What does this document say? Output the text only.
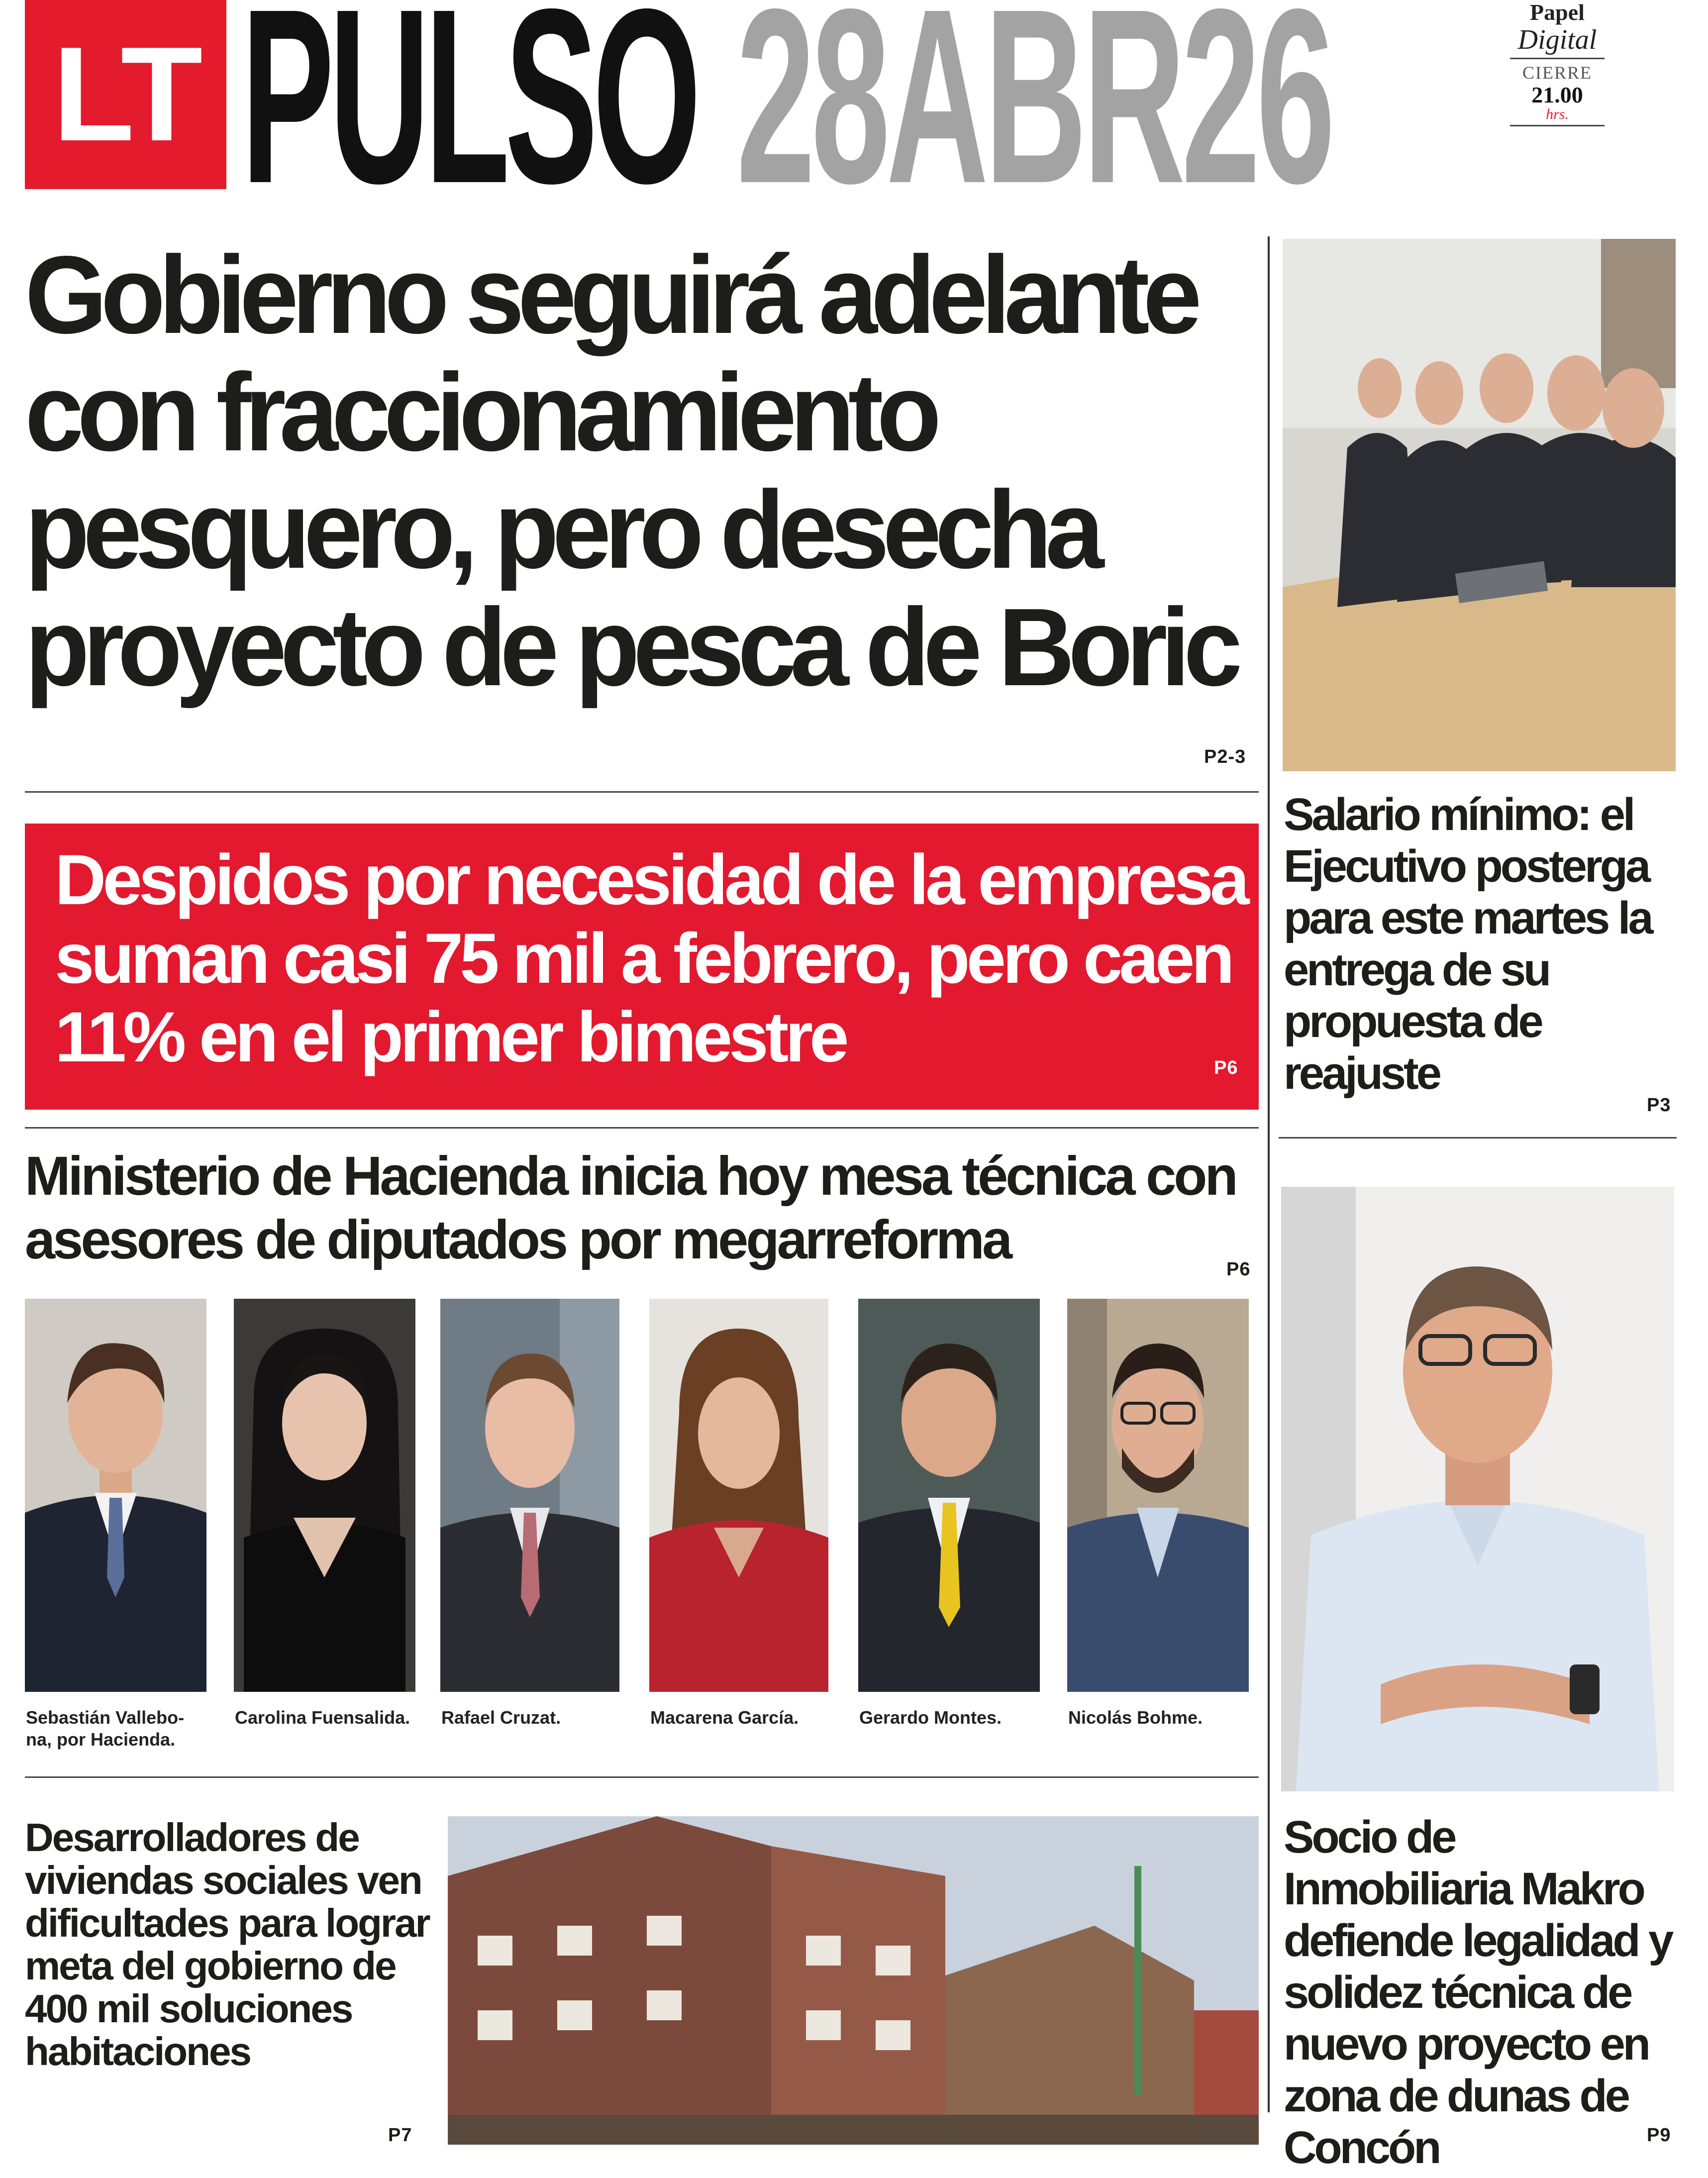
LT PULSO 28ABR26	Papel
Digital
CIERRE
21.00
hrs.
Gobierno seguirá adelante con fraccionamiento pesquero, pero desecha proyecto de pesca de Boric
P2-3
Despidos por necesidad de la empresa suman casi 75 mil a febrero, pero caen 11% en el primer bimestre	P6
Ministerio de Hacienda inicia hoy mesa técnica con asesores de diputados por megarreforma	P6
Sebastián Vallebo-
na, por Hacienda.
Carolina Fuensalida.	Rafael Cruzat.	Macarena García.	Gerardo Montes.	Nicolás Bohme.
Desarrolladores de viviendas sociales ven dificultades para lograr meta del gobierno de 400 mil soluciones habitaciones
P7
Salario mínimo: el Ejecutivo posterga para este martes la entrega de su propuesta de reajuste
P3
Socio de Inmobiliaria Makro defiende legalidad y solidez técnica de nuevo proyecto en zona de dunas de Concón	P9
